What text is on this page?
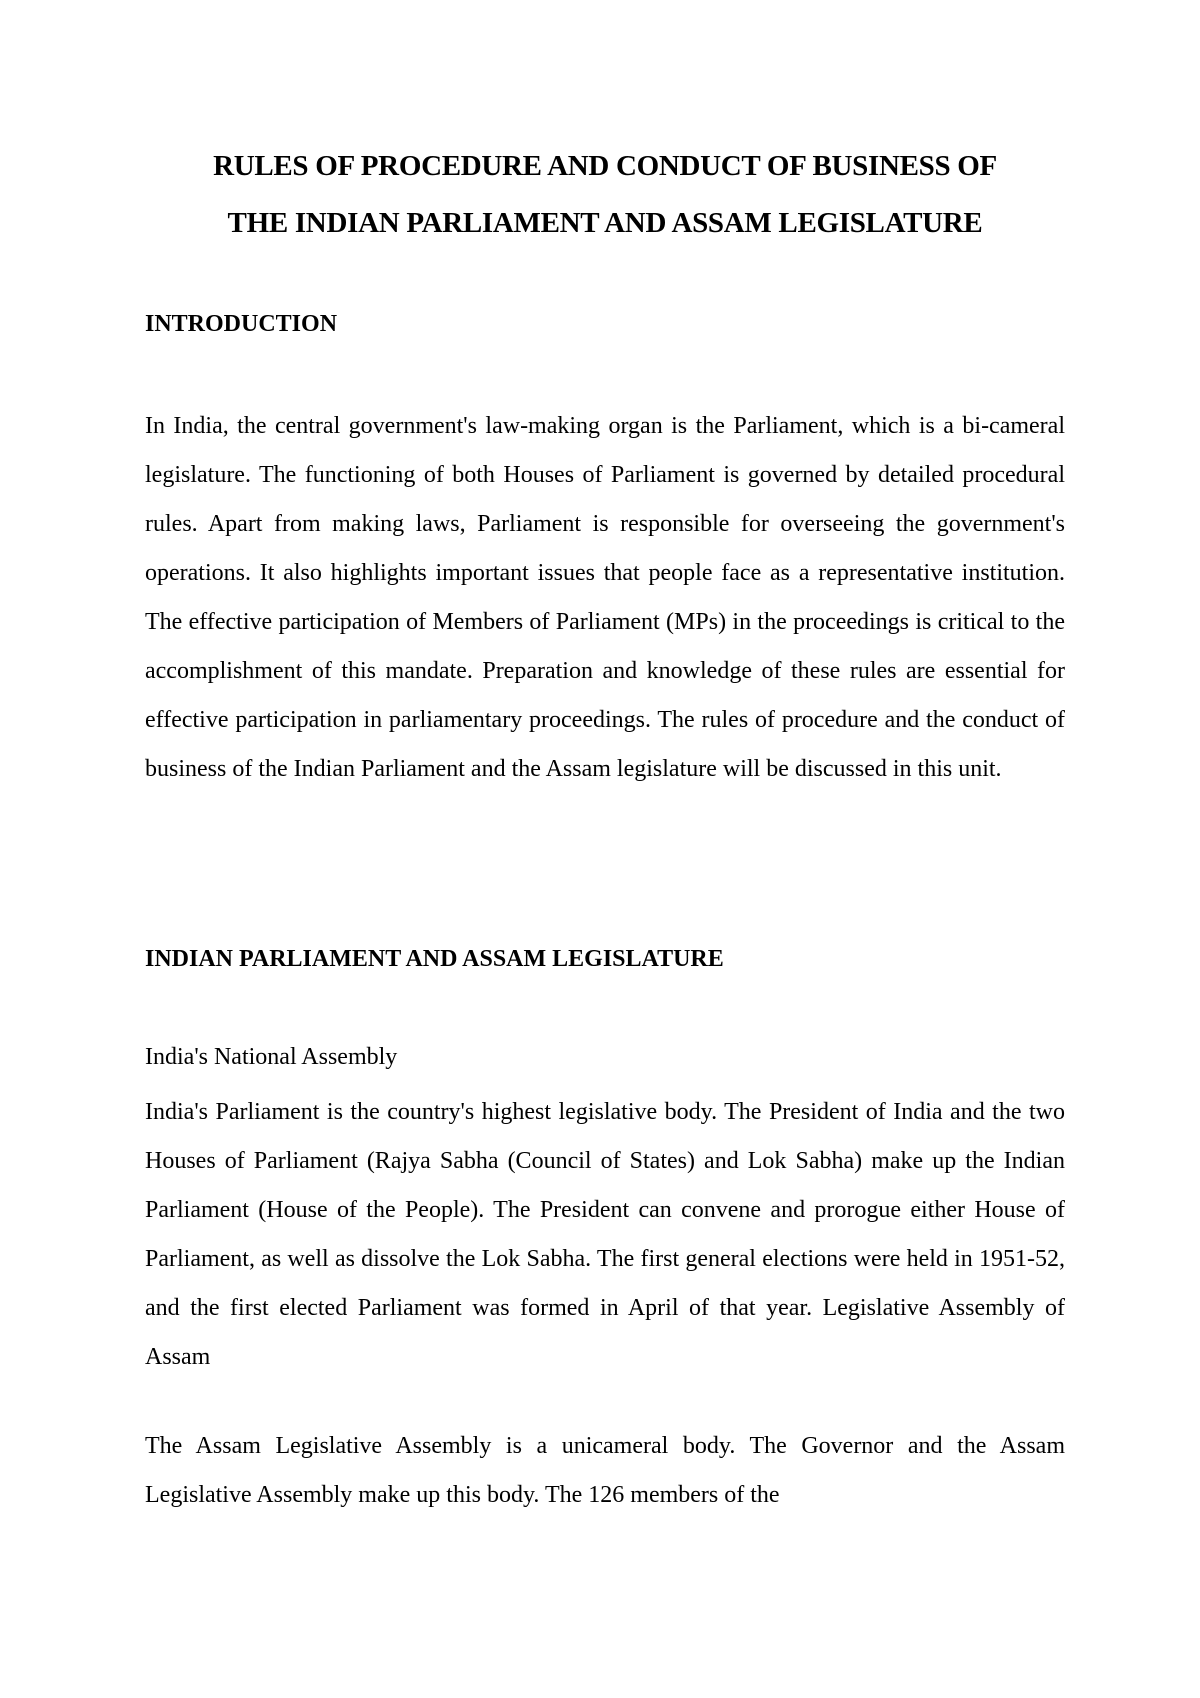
RULES OF PROCEDURE AND CONDUCT OF BUSINESS OF
THE INDIAN PARLIAMENT AND ASSAM LEGISLATURE
INTRODUCTION

In India, the central government's law-making organ is the Parliament, which is a bi-cameral legislature. The functioning of both Houses of Parliament is governed by detailed procedural rules. Apart from making laws, Parliament is responsible for overseeing the government's operations. It also highlights important issues that people face as a representative institution. The effective participation of Members of Parliament (MPs) in the proceedings is critical to the accomplishment of this mandate. Preparation and knowledge of these rules are essential for effective participation in parliamentary proceedings. The rules of procedure and the conduct of business of the Indian Parliament and the Assam legislature will be discussed in this unit.

INDIAN PARLIAMENT AND ASSAM LEGISLATURE

India's National Assembly

India's Parliament is the country's highest legislative body. The President of India and the two Houses of Parliament (Rajya Sabha (Council of States) and Lok Sabha) make up the Indian Parliament (House of the People). The President can convene and prorogue either House of Parliament, as well as dissolve the Lok Sabha. The first general elections were held in 1951-52, and the first elected Parliament was formed in April of that year. Legislative Assembly of Assam

The Assam Legislative Assembly is a unicameral body. The Governor and the Assam Legislative Assembly make up this body. The 126 members of the
